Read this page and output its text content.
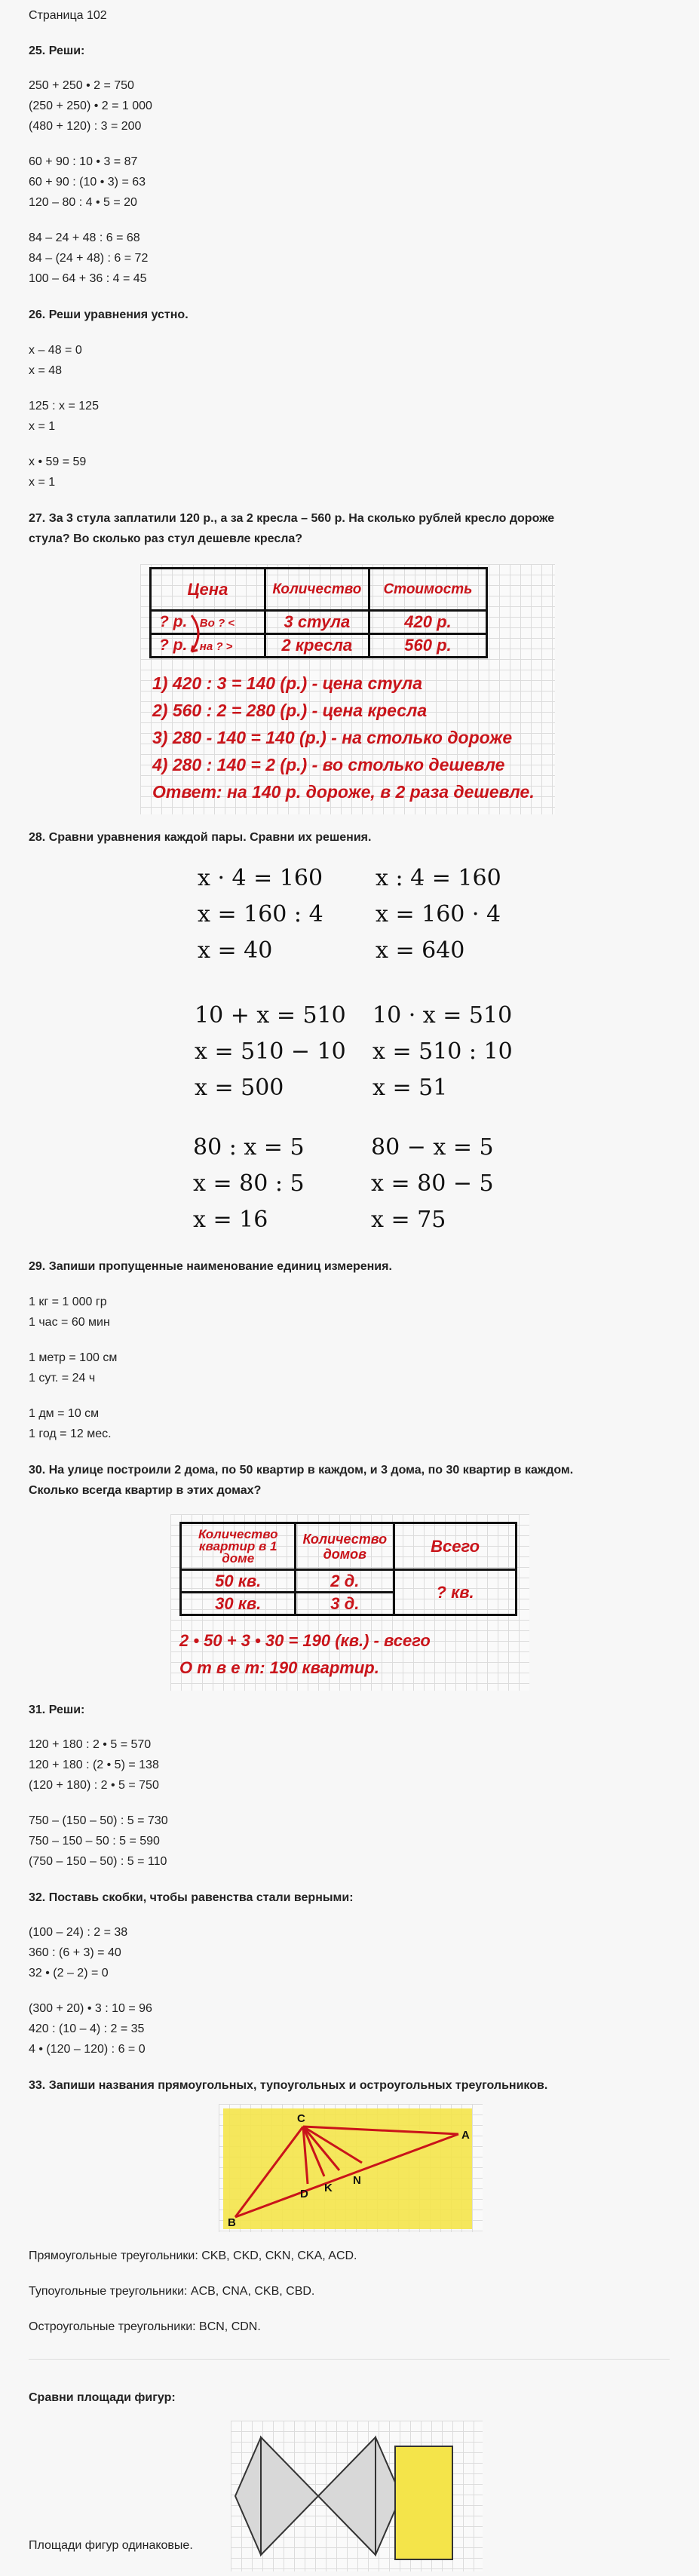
Страница 102
25. Реши:
250 + 250 • 2 = 750
(250 + 250) • 2 = 1 000
(480 + 120) : 3 = 200
60 + 90 : 10 • 3 = 87
60 + 90 : (10 • 3) = 63
120 – 80 : 4 • 5 = 20
84 – 24 + 48 : 6 = 68
84 – (24 + 48) : 6 = 72
100 – 64 + 36 : 4 = 45
26. Реши уравнения устно.
x – 48 = 0
x = 48
125 : x = 125
x = 1
x • 59 = 59
x = 1
27. За 3 стула заплатили 120 р., а за 2 кресла – 560 р. На сколько рублей кресло дороже
стула? Во сколько раз стул дешевле кресла?
Цена	Количество	Стоимость
? р. Во ? <	3 стула	420 р.
? р. на ? >	2 кресла	560 р.
1) 420 : 3 = 140 (р.) - цена стула
2) 560 : 2 = 280 (р.) - цена кресла
3) 280 - 140 = 140 (р.) - на столько дороже
4) 280 : 140 = 2 (р.) - во столько дешевле
Ответ: на 140 р. дороже, в 2 раза дешевле.
28. Сравни уравнения каждой пары. Сравни их решения.
x · 4 = 160
x = 160 : 4
x = 40
x : 4 = 160
x = 160 · 4
x = 640
10 + x = 510
x = 510 − 10
x = 500
10 · x = 510
x = 510 : 10
x = 51
80 : x = 5
x = 80 : 5
x = 16
80 − x = 5
x = 80 − 5
x = 75
29. Запиши пропущенные наименование единиц измерения.
1 кг = 1 000 гр
1 час = 60 мин
1 метр = 100 см
1 сут. = 24 ч
1 дм = 10 см
1 год = 12 мес.
30. На улице построили 2 дома, по 50 квартир в каждом, и 3 дома, по 30 квартир в каждом.
Сколько всегда квартир в этих домах?
Количество квартир в 1 доме	Количество домов	Всего
50 кв.	2 д.	? кв.
30 кв.	3 д.	
2 • 50 + 3 • 30 = 190 (кв.) - всего
О т в е т: 190 квартир.
31. Реши:
120 + 180 : 2 • 5 = 570
120 + 180 : (2 • 5) = 138
(120 + 180) : 2 • 5 = 750
750 – (150 – 50) : 5 = 730
750 – 150 – 50 : 5 = 590
(750 – 150 – 50) : 5 = 110
32. Поставь скобки, чтобы равенства стали верными:
(100 – 24) : 2 = 38
360 : (6 + 3) = 40
32 • (2 – 2) = 0
(300 + 20) • 3 : 10 = 96
420 : (10 – 4) : 2 = 35
4 • (120 – 120) : 6 = 0
33. Запиши названия прямоугольных, тупоугольных и остроугольных треугольников.
C
A
B
D K
N
Прямоугольные треугольники: CKB, CKD, CKN, CKA, ACD.
Тупоугольные треугольники: ACB, CNA, CKB, CBD.
Остроугольные треугольники: BCN, CDN.
Сравни площади фигур:
Площади фигур одинаковые.
